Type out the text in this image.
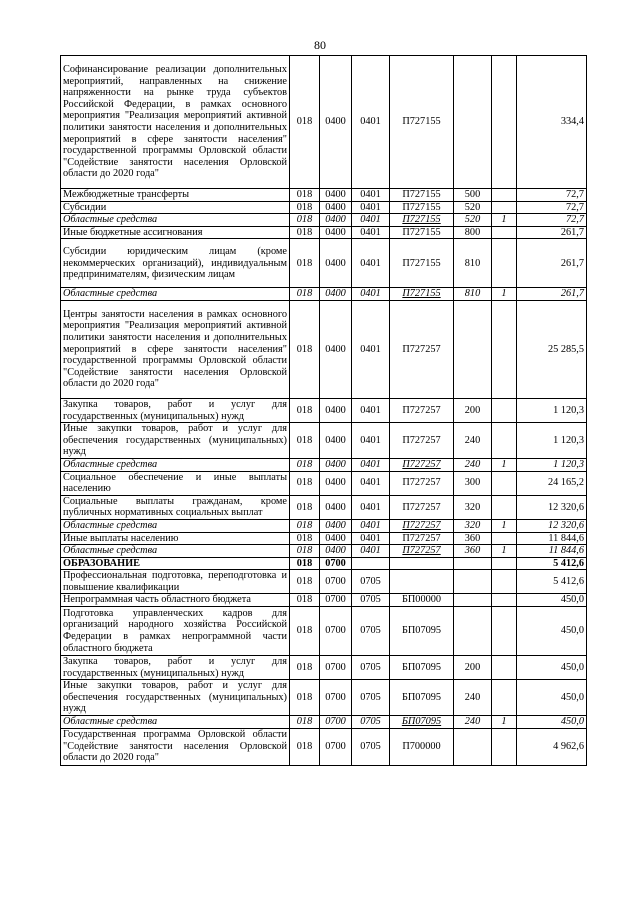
80
Софинансирование реализации дополнительных мероприятий, направленных на снижение напряженности на рынке труда субъектов Российской Федерации, в рамках основного мероприятия "Реализация мероприятий активной политики занятости населения и дополнительных мероприятий в сфере занятости населения" государственной программы Орловской области "Содействие занятости населения Орловской области до 2020 года"	018	0400	0401	П727155			334,4
Межбюджетные трансферты	018	0400	0401	П727155	500		72,7
Субсидии	018	0400	0401	П727155	520		72,7
Областные средства	018	0400	0401	П727155	520	1	72,7
Иные бюджетные ассигнования	018	0400	0401	П727155	800		261,7
Субсидии юридическим лицам (кроме некоммерческих организаций), индивидуальным предпринимателям, физическим лицам	018	0400	0401	П727155	810		261,7
Областные средства	018	0400	0401	П727155	810	1	261,7
Центры занятости населения в рамках основного мероприятия "Реализация мероприятий активной политики занятости населения и дополнительных мероприятий в сфере занятости населения" государственной программы Орловской области "Содействие занятости населения Орловской области до 2020 года"	018	0400	0401	П727257			25 285,5
Закупка товаров, работ и услуг для государственных (муниципальных) нужд	018	0400	0401	П727257	200		1 120,3
Иные закупки товаров, работ и услуг для обеспечения государственных (муниципальных) нужд	018	0400	0401	П727257	240		1 120,3
Областные средства	018	0400	0401	П727257	240	1	1 120,3
Социальное обеспечение и иные выплаты населению	018	0400	0401	П727257	300		24 165,2
Социальные выплаты гражданам, кроме публичных нормативных социальных выплат	018	0400	0401	П727257	320		12 320,6
Областные средства	018	0400	0401	П727257	320	1	12 320,6
Иные выплаты населению	018	0400	0401	П727257	360		11 844,6
Областные средства	018	0400	0401	П727257	360	1	11 844,6
ОБРАЗОВАНИЕ	018	0700					5 412,6
Профессиональная подготовка, переподготовка и повышение квалификации	018	0700	0705				5 412,6
Непрограммная часть областного бюджета	018	0700	0705	БП00000			450,0
Подготовка управленческих кадров для организаций народного хозяйства Российской Федерации в рамках непрограммной части областного бюджета	018	0700	0705	БП07095			450,0
Закупка товаров, работ и услуг для государственных (муниципальных) нужд	018	0700	0705	БП07095	200		450,0
Иные закупки товаров, работ и услуг для обеспечения государственных (муниципальных) нужд	018	0700	0705	БП07095	240		450,0
Областные средства	018	0700	0705	БП07095	240	1	450,0
Государственная программа Орловской области "Содействие занятости населения Орловской области до 2020 года"	018	0700	0705	П700000			4 962,6
